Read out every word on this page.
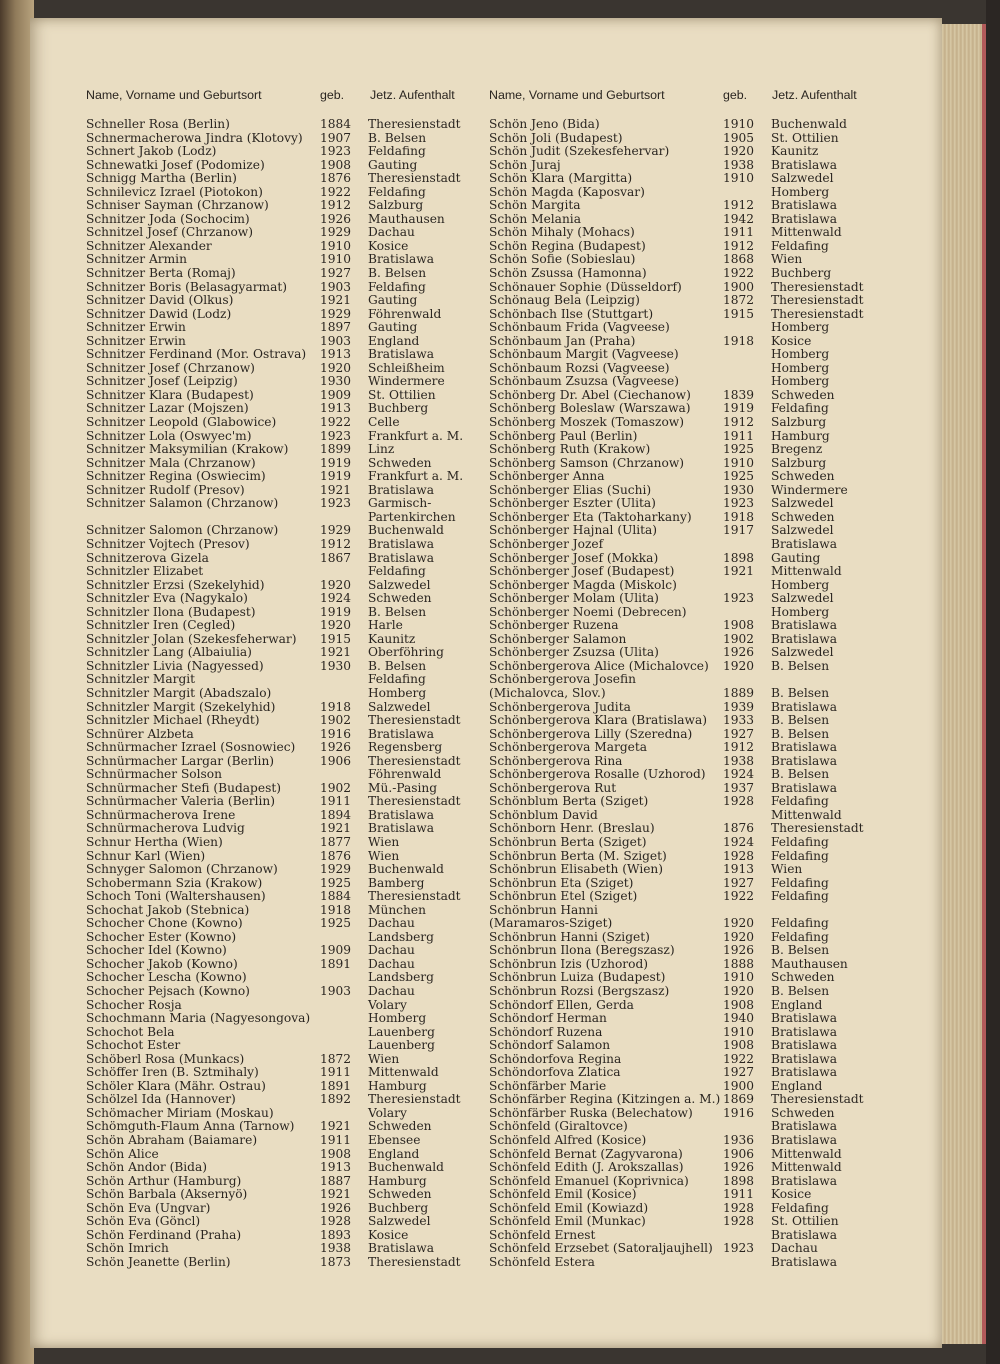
Name, Vorname und Geburtsort	geb. Jetz. Aufenthalt	Name, Vorname und Geburtsort	geb. Jetz. Aufenthalt
Schneller Rosa (Berlin)	1884 Theresienstadt
Schnermacherowa Jindra (Klotovy) 1907 B. Belsen
Schnert Jakob (Lodz)	1923 Feldafing
Schnewatki Josef (Podomize)	1908 Gauting
Schnigg Martha (Berlin)	1876 Theresienstadt
Schnilevicz Izrael (Piotokon)	1922 Feldafing
Schniser Sayman (Chrzanow)	1912 Salzburg
Schnitzer Joda (Sochocim)	1926 Mauthausen
Schnitzel Josef (Chrzanow)	1929 Dachau
Schnitzer Alexander	1910 Kosice
Schnitzer Armin	1910 Bratislawa
Schnitzer Berta (Romaj)	1927 B. Belsen
Schnitzer Boris (Belasagyarmat)	1903 Feldafing
Schnitzer David (Olkus)	1921 Gauting
Schnitzer Dawid (Lodz)	1929 Föhrenwald
Schnitzer Erwin	1897 Gauting
Schnitzer Erwin	1903 England
Schnitzer Ferdinand (Mor. Ostrava) 1913 Bratislawa
Schnitzer Josef (Chrzanow)	1920 Schleißheim
Schnitzer Josef (Leipzig)	1930 Windermere
Schnitzer Klara (Budapest)	1909 St. Ottilien
Schnitzer Lazar (Mojszen)	1913 Buchberg
Schnitzer Leopold (Glabowice)	1922 Celle
Schnitzer Lola (Oswyec'm)	1923 Frankfurt a. M.
Schnitzer Maksymilian (Krakow)	1899 Linz
Schnitzer Mala (Chrzanow)	1919 Schweden
Schnitzer Regina (Oswiecim)	1919 Frankfurt a. M.
Schnitzer Rudolf (Presov)	1921 Bratislawa
Schnitzer Salamon (Chrzanow)	1923 Garmisch-
Partenkirchen
Schnitzer Salomon (Chrzanow)	1929 Buchenwald
Schnitzer Vojtech (Presov)	1912 Bratislawa
Schnitzerova Gizela	1867 Bratislawa
Schnitzler Elizabet	Feldafing
Schnitzler Erzsi (Szekelyhid)	1920 Salzwedel
Schnitzler Eva (Nagykalo)	1924 Schweden
Schnitzler Ilona (Budapest)	1919 B. Belsen
Schnitzler Iren (Cegled)	1920 Harle
Schnitzler Jolan (Szekesfeherwar) 1915 Kaunitz
Schnitzler Lang (Albaiulia)	1921 Oberföhring
Schnitzler Livia (Nagyessed)	1930 B. Belsen
Schnitzler Margit	Feldafing
Schnitzler Margit (Abadszalo)	Homberg
Schnitzler Margit (Szekelyhid)	1918 Salzwedel
Schnitzler Michael (Rheydt)	1902 Theresienstadt
Schnürer Alzbeta	1916 Bratislawa
Schnürmacher Izrael (Sosnowiec) 1926 Regensberg
Schnürmacher Largar (Berlin)	1906 Theresienstadt
Schnürmacher Solson	Föhrenwald
Schnürmacher Stefi (Budapest)	1902 Mü.-Pasing
Schnürmacher Valeria (Berlin)	1911 Theresienstadt
Schnürmacherova Irene	1894 Bratislawa
Schnürmacherova Ludvig	1921 Bratislawa
Schnur Hertha (Wien)	1877 Wien
Schnur Karl (Wien)	1876 Wien
Schnyger Salomon (Chrzanow)	1929 Buchenwald
Schobermann Szia (Krakow)	1925 Bamberg
Schoch Toni (Waltershausen)	1884 Theresienstadt
Schochat Jakob (Stebnica)	1918 München
Schocher Chone (Kowno)	1925 Dachau
Schocher Ester (Kowno)	Landsberg
Schocher Idel (Kowno)	1909 Dachau
Schocher Jakob (Kowno)	1891 Dachau
Schocher Lescha (Kowno)	Landsberg
Schocher Pejsach (Kowno)	1903 Dachau
Schocher Rosja	Volary
Schochmann Maria (Nagyesongova)	Homberg
Schochot Bela	Lauenberg
Schochot Ester	Lauenberg
Schöberl Rosa (Munkacs)	1872 Wien
Schöffer Iren (B. Sztmihaly)	1911 Mittenwald
Schöler Klara (Mähr. Ostrau)	1891 Hamburg
Schölzel Ida (Hannover)	1892 Theresienstadt
Schömacher Miriam (Moskau)	Volary
Schömguth-Flaum Anna (Tarnow) 1921 Schweden
Schön Abraham (Baiamare)	1911 Ebensee
Schön Alice	1908 England
Schön Andor (Bida)	1913 Buchenwald
Schön Arthur (Hamburg)	1887 Hamburg
Schön Barbala (Aksernyö)	1921 Schweden
Schön Eva (Ungvar)	1926 Buchberg
Schön Eva (Göncl)	1928 Salzwedel
Schön Ferdinand (Praha)	1893 Kosice
Schön Imrich	1938 Bratislawa
Schön Jeanette (Berlin)	1873 Theresienstadt
Schön Jeno (Bida)	1910 Buchenwald
Schön Joli (Budapest)	1905 St. Ottilien
Schön Judit (Szekesfehervar)	1920 Kaunitz
Schön Juraj	1938 Bratislawa
Schön Klara (Margitta)	1910 Salzwedel
Schön Magda (Kaposvar)	Homberg
Schön Margita	1912 Bratislawa
Schön Melania	1942 Bratislawa
Schön Mihaly (Mohacs)	1911 Mittenwald
Schön Regina (Budapest)	1912 Feldafing
Schön Sofie (Sobieslau)	1868 Wien
Schön Zsussa (Hamonna)	1922 Buchberg
Schönauer Sophie (Düsseldorf)	1900 Theresienstadt
Schönaug Bela (Leipzig)	1872 Theresienstadt
Schönbach Ilse (Stuttgart)	1915 Theresienstadt
Schönbaum Frida (Vagveese)	Homberg
Schönbaum Jan (Praha)	1918 Kosice
Schönbaum Margit (Vagveese)	Homberg
Schönbaum Rozsi (Vagveese)	Homberg
Schönbaum Zsuzsa (Vagveese)	Homberg
Schönberg Dr. Abel (Ciechanow)	1839 Schweden
Schönberg Boleslaw (Warszawa)	1919 Feldafing
Schönberg Moszek (Tomaszow)	1912 Salzburg
Schönberg Paul (Berlin)	1911 Hamburg
Schönberg Ruth (Krakow)	1925 Bregenz
Schönberg Samson (Chrzanow)	1910 Salzburg
Schönberger Anna	1925 Schweden
Schönberger Elias (Suchi)	1930 Windermere
Schönberger Eszter (Ulita)	1923 Salzwedel
Schönberger Eta (Taktoharkany)	1918 Schweden
Schönberger Hajnal (Ulita)	1917 Salzwedel
Schönberger Jozef	Bratislawa
Schönberger Josef (Mokka)	1898 Gauting
Schönberger Josef (Budapest)	1921 Mittenwald
Schönberger Magda (Miskolc)	Homberg
Schönberger Molam (Ulita)	1923 Salzwedel
Schönberger Noemi (Debrecen)	Homberg
Schönberger Ruzena	1908 Bratislawa
Schönberger Salamon	1902 Bratislawa
Schönberger Zsuzsa (Ulita)	1926 Salzwedel
Schönbergerova Alice (Michalovce) 1920 B. Belsen
Schönbergerova Josefin
(Michalovca, Slov.)	1889 B. Belsen
Schönbergerova Judita	1939 Bratislawa
Schönbergerova Klara (Bratislawa) 1933 B. Belsen
Schönbergerova Lilly (Szeredna)	1927 B. Belsen
Schönbergerova Margeta	1912 Bratislawa
Schönbergerova Rina	1938 Bratislawa
Schönbergerova Rosalle (Uzhorod) 1924 B. Belsen
Schönbergerova Rut	1937 Bratislawa
Schönblum Berta (Sziget)	1928 Feldafing
Schönblum David	Mittenwald
Schönborn Henr. (Breslau)	1876 Theresienstadt
Schönbrun Berta (Sziget)	1924 Feldafing
Schönbrun Berta (M. Sziget)	1928 Feldafing
Schönbrun Elisabeth (Wien)	1913 Wien
Schönbrun Eta (Sziget)	1927 Feldafing
Schönbrun Etel (Sziget)	1922 Feldafing
Schönbrun Hanni
(Maramaros-Sziget)	1920 Feldafing
Schönbrun Hanni (Sziget)	1920 Feldafing
Schönbrun Ilona (Beregszasz)	1926 B. Belsen
Schönbrun Izis (Uzhorod)	1888 Mauthausen
Schönbrun Luiza (Budapest)	1910 Schweden
Schönbrun Rozsi (Bergszasz)	1920 B. Belsen
Schöndorf Ellen, Gerda	1908 England
Schöndorf Herman	1940 Bratislawa
Schöndorf Ruzena	1910 Bratislawa
Schöndorf Salamon	1908 Bratislawa
Schöndorfova Regina	1922 Bratislawa
Schöndorfova Zlatica	1927 Bratislawa
Schönfärber Marie	1900 England
Schönfärber Regina (Kitzingen a. M.) 1869 Theresienstadt
Schönfärber Ruska (Belechatow) 1916 Schweden
Schönfeld (Giraltovce)	Bratislawa
Schönfeld Alfred (Kosice)	1936 Bratislawa
Schönfeld Bernat (Zagyvarona)	1906 Mittenwald
Schönfeld Edith (J. Arokszallas)	1926 Mittenwald
Schönfeld Emanuel (Koprivnica)	1898 Bratislawa
Schönfeld Emil (Kosice)	1911 Kosice
Schönfeld Emil (Kowiazd)	1928 Feldafing
Schönfeld Emil (Munkac)	1928 St. Ottilien
Schönfeld Ernest	Bratislawa
Schönfeld Erzsebet (Satoraljaujhell) 1923 Dachau
Schönfeld Estera	Bratislawa
